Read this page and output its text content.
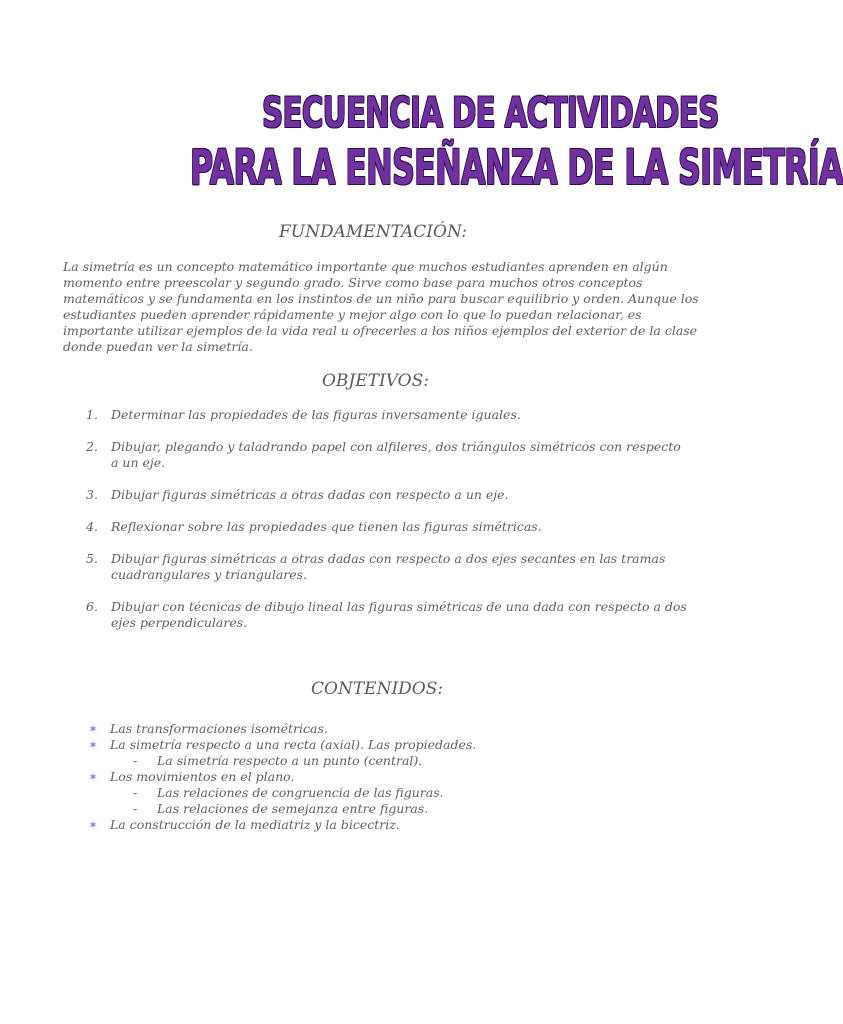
SECUENCIA DE ACTIVIDADES
PARA LA ENSEÑANZA DE LA SIMETRÍA
FUNDAMENTACIÓN:

La simetría es un concepto matemático importante que muchos estudiantes aprenden en algún momento entre preescolar y segundo grado. Sirve como base para muchos otros conceptos matemáticos y se fundamenta en los instintos de un niño para buscar equilibrio y orden. Aunque los estudiantes pueden aprender rápidamente y mejor algo con lo que lo puedan relacionar, es importante utilizar ejemplos de la vida real u ofrecerles a los niños ejemplos del exterior de la clase donde puedan ver la simetría.

OBJETIVOS:
1. Determinar las propiedades de las figuras inversamente iguales.
2. Dibujar, plegando y taladrando papel con alfileres, dos triángulos simétricos con respecto a un eje.
3. Dibujar figuras simétricas a otras dadas con respecto a un eje.
4. Reflexionar sobre las propiedades que tienen las figuras simétricas.
5. Dibujar figuras simétricas a otras dadas con respecto a dos ejes secantes en las tramas cuadrangulares y triangulares.
6. Dibujar con técnicas de dibujo lineal las figuras simétricas de una dada con respecto a dos ejes perpendiculares.
CONTENIDOS:
✶ Las transformaciones isométricas.
✶ La simetría respecto a una recta (axial). Las propiedades.
- La simetría respecto a un punto (central).
✶ Los movimientos en el plano.
- Las relaciones de congruencia de las figuras.
- Las relaciones de semejanza entre figuras.
✶ La construcción de la mediatriz y la bicectriz.
